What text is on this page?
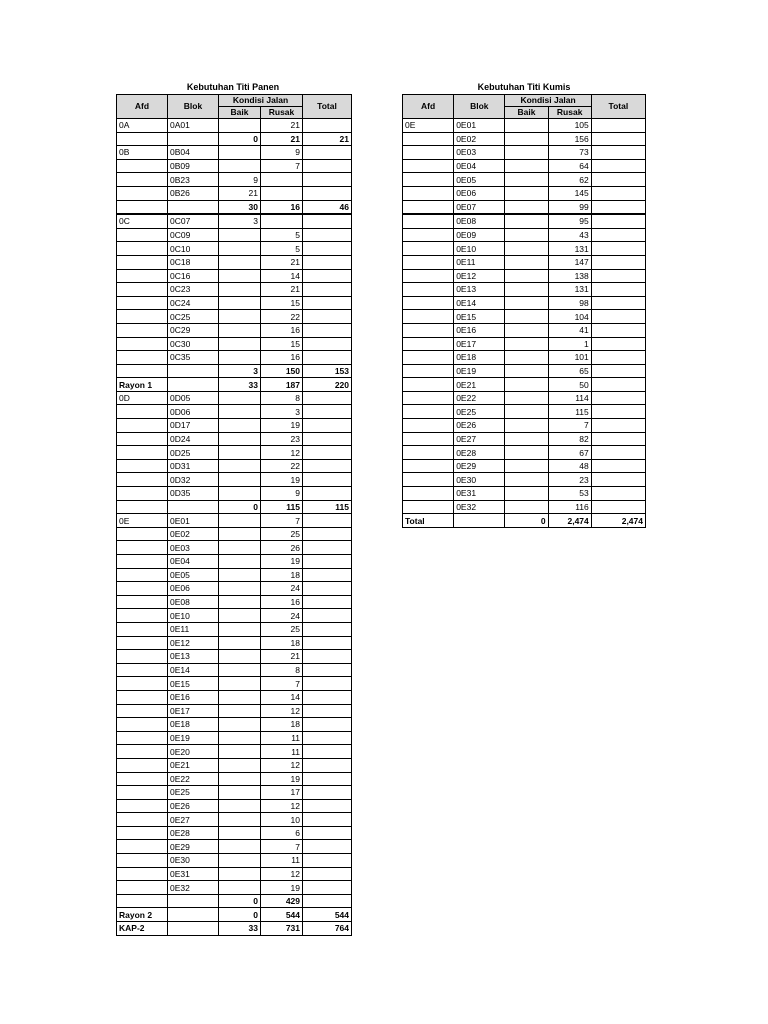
Kebutuhan Titi Panen
Afd	Blok	Kondisi Jalan		Total
		Baik	Rusak	
0A	0A01		21	
		0	21	21
0B	0B04		9	
	0B09		7	
	0B23	9		
	0B26	21		
		30	16	46
0C	0C07	3		
	0C09		5	
	0C10		5	
	0C18		21	
	0C16		14	
	0C23		21	
	0C24		15	
	0C25		22	
	0C29		16	
	0C30		15	
	0C35		16	
		3	150	153
Rayon 1		33	187	220
0D	0D05		8	
	0D06		3	
	0D17		19	
	0D24		23	
	0D25		12	
	0D31		22	
	0D32		19	
	0D35		9	
		0	115	115
0E	0E01		7	
	0E02		25	
	0E03		26	
	0E04		19	
	0E05		18	
	0E06		24	
	0E08		16	
	0E10		24	
	0E11		25	
	0E12		18	
	0E13		21	
	0E14		8	
	0E15		7	
	0E16		14	
	0E17		12	
	0E18		18	
	0E19		11	
	0E20		11	
	0E21		12	
	0E22		19	
	0E25		17	
	0E26		12	
	0E27		10	
	0E28		6	
	0E29		7	
	0E30		11	
	0E31		12	
	0E32		19	
		0	429	
Rayon 2		0	544	544
KAP-2		33	731	764
Kebutuhan Titi Kumis
Afd	Blok	Kondisi Jalan		Total
		Baik	Rusak	
0E	0E01		105	
	0E02		156	
	0E03		73	
	0E04		64	
	0E05		62	
	0E06		145	
	0E07		99	
	0E08		95	
	0E09		43	
	0E10		131	
	0E11		147	
	0E12		138	
	0E13		131	
	0E14		98	
	0E15		104	
	0E16		41	
	0E17		1	
	0E18		101	
	0E19		65	
	0E21		50	
	0E22		114	
	0E25		115	
	0E26		7	
	0E27		82	
	0E28		67	
	0E29		48	
	0E30		23	
	0E31		53	
	0E32		116	
Total		0	2,474	2,474
